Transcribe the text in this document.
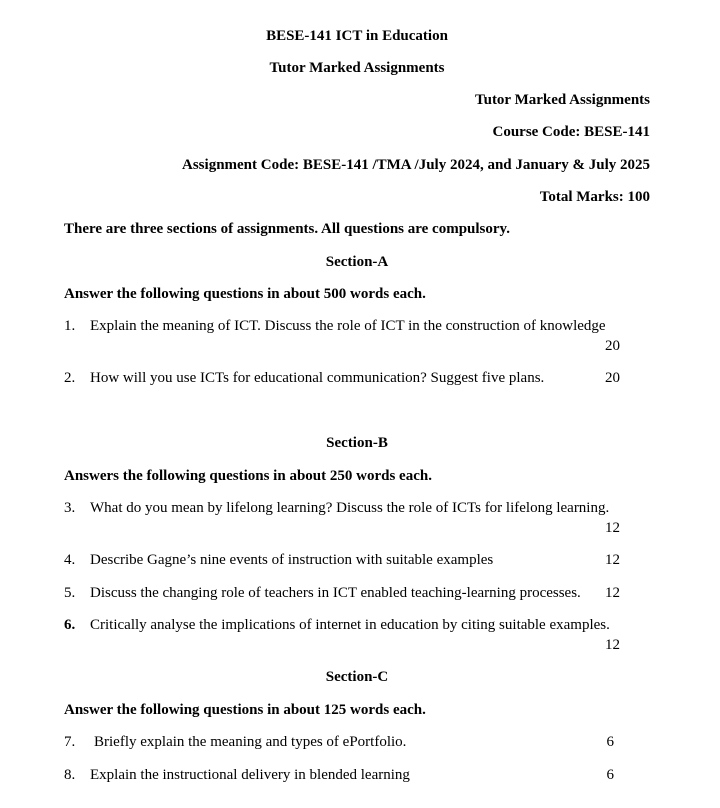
BESE-141 ICT in Education
Tutor Marked Assignments
Tutor Marked Assignments
Course Code: BESE-141
Assignment Code: BESE-141 /TMA /July 2024, and January & July 2025
Total Marks: 100
There are three sections of assignments. All questions are compulsory.
Section-A
Answer the following questions in about 500 words each.
1. Explain the meaning of ICT. Discuss the role of ICT in the construction of knowledge
20
2. How will you use ICTs for educational communication? Suggest five plans.	20
Section-B
Answers the following questions in about 250 words each.
3. What do you mean by lifelong learning? Discuss the role of ICTs for lifelong learning.
12
4. Describe Gagne’s nine events of instruction with suitable examples	12
5. Discuss the changing role of teachers in ICT enabled teaching-learning processes.	12
6. Critically analyse the implications of internet in education by citing suitable examples.
12
Section-C
Answer the following questions in about 125 words each.
7.	Briefly explain the meaning and types of ePortfolio.	6
8. Explain the instructional delivery in blended learning	6
